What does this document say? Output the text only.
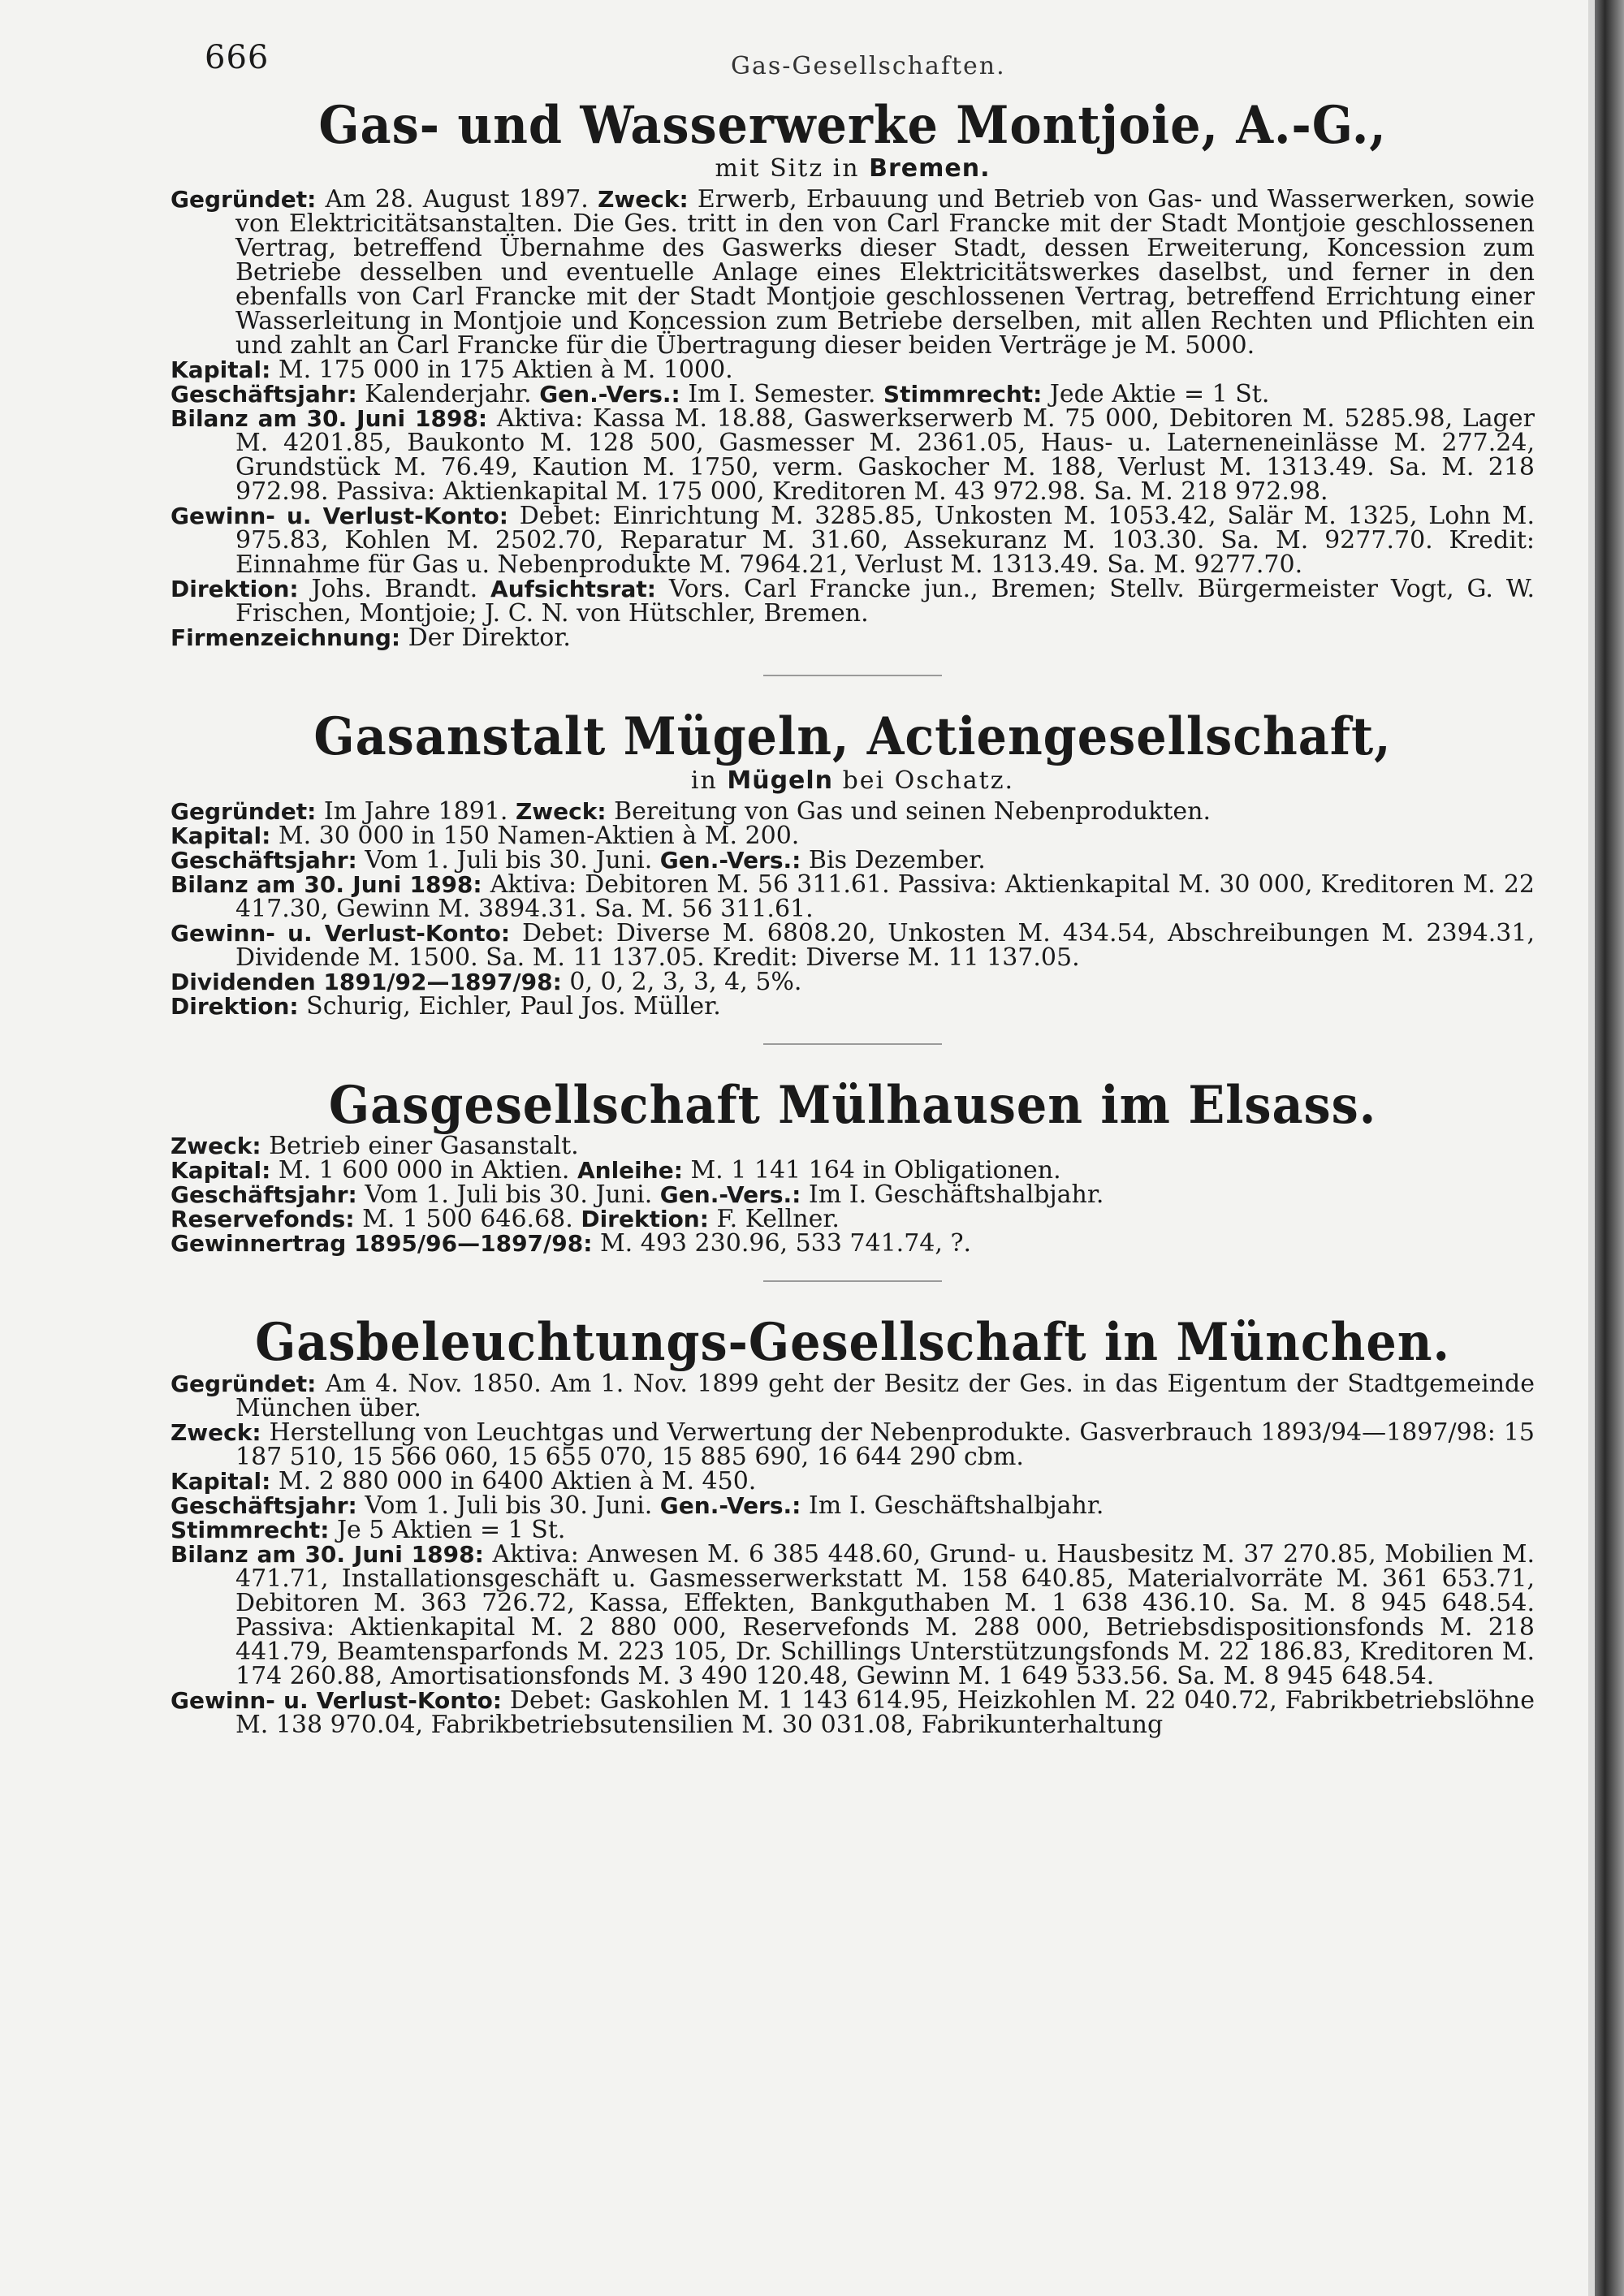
666	Gas-Gesellschaften.
Gas- und Wasserwerke Montjoie, A.-G.,

mit Sitz in Bremen.

Gegründet: Am 28. August 1897. Zweck: Erwerb, Erbauung und Betrieb von Gas- und Wasserwerken, sowie von Elektricitätsanstalten. Die Ges. tritt in den von Carl Francke mit der Stadt Montjoie geschlossenen Vertrag, betreffend Übernahme des Gaswerks dieser Stadt, dessen Erweiterung, Koncession zum Betriebe desselben und eventuelle Anlage eines Elektricitätswerkes daselbst, und ferner in den ebenfalls von Carl Francke mit der Stadt Montjoie geschlossenen Vertrag, betreffend Errichtung einer Wasserleitung in Montjoie und Koncession zum Betriebe derselben, mit allen Rechten und Pflichten ein und zahlt an Carl Francke für die Übertragung dieser beiden Verträge je M. 5000.

Kapital: M. 175 000 in 175 Aktien à M. 1000.

Geschäftsjahr: Kalenderjahr. Gen.-Vers.: Im I. Semester. Stimmrecht: Jede Aktie = 1 St.

Bilanz am 30. Juni 1898: Aktiva: Kassa M. 18.88, Gaswerkserwerb M. 75 000, Debitoren M. 5285.98, Lager M. 4201.85, Baukonto M. 128 500, Gasmesser M. 2361.05, Haus- u. Laterneneinlässe M. 277.24, Grundstück M. 76.49, Kaution M. 1750, verm. Gaskocher M. 188, Verlust M. 1313.49. Sa. M. 218 972.98. Passiva: Aktienkapital M. 175 000, Kreditoren M. 43 972.98. Sa. M. 218 972.98.

Gewinn- u. Verlust-Konto: Debet: Einrichtung M. 3285.85, Unkosten M. 1053.42, Salär M. 1325, Lohn M. 975.83, Kohlen M. 2502.70, Reparatur M. 31.60, Assekuranz M. 103.30. Sa. M. 9277.70. Kredit: Einnahme für Gas u. Nebenprodukte M. 7964.21, Verlust M. 1313.49. Sa. M. 9277.70.

Direktion: Johs. Brandt. Aufsichtsrat: Vors. Carl Francke jun., Bremen; Stellv. Bürgermeister Vogt, G. W. Frischen, Montjoie; J. C. N. von Hütschler, Bremen.

Firmenzeichnung: Der Direktor.

Gasanstalt Mügeln, Actiengesellschaft,

in Mügeln bei Oschatz.

Gegründet: Im Jahre 1891. Zweck: Bereitung von Gas und seinen Nebenprodukten.

Kapital: M. 30 000 in 150 Namen-Aktien à M. 200.

Geschäftsjahr: Vom 1. Juli bis 30. Juni. Gen.-Vers.: Bis Dezember.

Bilanz am 30. Juni 1898: Aktiva: Debitoren M. 56 311.61. Passiva: Aktienkapital M. 30 000, Kreditoren M. 22 417.30, Gewinn M. 3894.31. Sa. M. 56 311.61.

Gewinn- u. Verlust-Konto: Debet: Diverse M. 6808.20, Unkosten M. 434.54, Abschreibungen M. 2394.31, Dividende M. 1500. Sa. M. 11 137.05. Kredit: Diverse M. 11 137.05.

Dividenden 1891/92—1897/98: 0, 0, 2, 3, 3, 4, 5%.

Direktion: Schurig, Eichler, Paul Jos. Müller.

Gasgesellschaft Mülhausen im Elsass.

Zweck: Betrieb einer Gasanstalt.

Kapital: M. 1 600 000 in Aktien. Anleihe: M. 1 141 164 in Obligationen.

Geschäftsjahr: Vom 1. Juli bis 30. Juni. Gen.-Vers.: Im I. Geschäftshalbjahr.

Reservefonds: M. 1 500 646.68. Direktion: F. Kellner.

Gewinnertrag 1895/96—1897/98: M. 493 230.96, 533 741.74, ?.

Gasbeleuchtungs-Gesellschaft in München.

Gegründet: Am 4. Nov. 1850. Am 1. Nov. 1899 geht der Besitz der Ges. in das Eigentum der Stadtgemeinde München über.

Zweck: Herstellung von Leuchtgas und Verwertung der Nebenprodukte. Gasverbrauch 1893/94—1897/98: 15 187 510, 15 566 060, 15 655 070, 15 885 690, 16 644 290 cbm.

Kapital: M. 2 880 000 in 6400 Aktien à M. 450.

Geschäftsjahr: Vom 1. Juli bis 30. Juni. Gen.-Vers.: Im I. Geschäftshalbjahr.

Stimmrecht: Je 5 Aktien = 1 St.

Bilanz am 30. Juni 1898: Aktiva: Anwesen M. 6 385 448.60, Grund- u. Hausbesitz M. 37 270.85, Mobilien M. 471.71, Installationsgeschäft u. Gasmesserwerkstatt M. 158 640.85, Materialvorräte M. 361 653.71, Debitoren M. 363 726.72, Kassa, Effekten, Bankguthaben M. 1 638 436.10. Sa. M. 8 945 648.54. Passiva: Aktienkapital M. 2 880 000, Reservefonds M. 288 000, Betriebsdispositionsfonds M. 218 441.79, Beamtensparfonds M. 223 105, Dr. Schillings Unterstützungsfonds M. 22 186.83, Kreditoren M. 174 260.88, Amortisationsfonds M. 3 490 120.48, Gewinn M. 1 649 533.56. Sa. M. 8 945 648.54.

Gewinn- u. Verlust-Konto: Debet: Gaskohlen M. 1 143 614.95, Heizkohlen M. 22 040.72, Fabrikbetriebslöhne M. 138 970.04, Fabrikbetriebsutensilien M. 30 031.08, Fabrikunterhaltung
